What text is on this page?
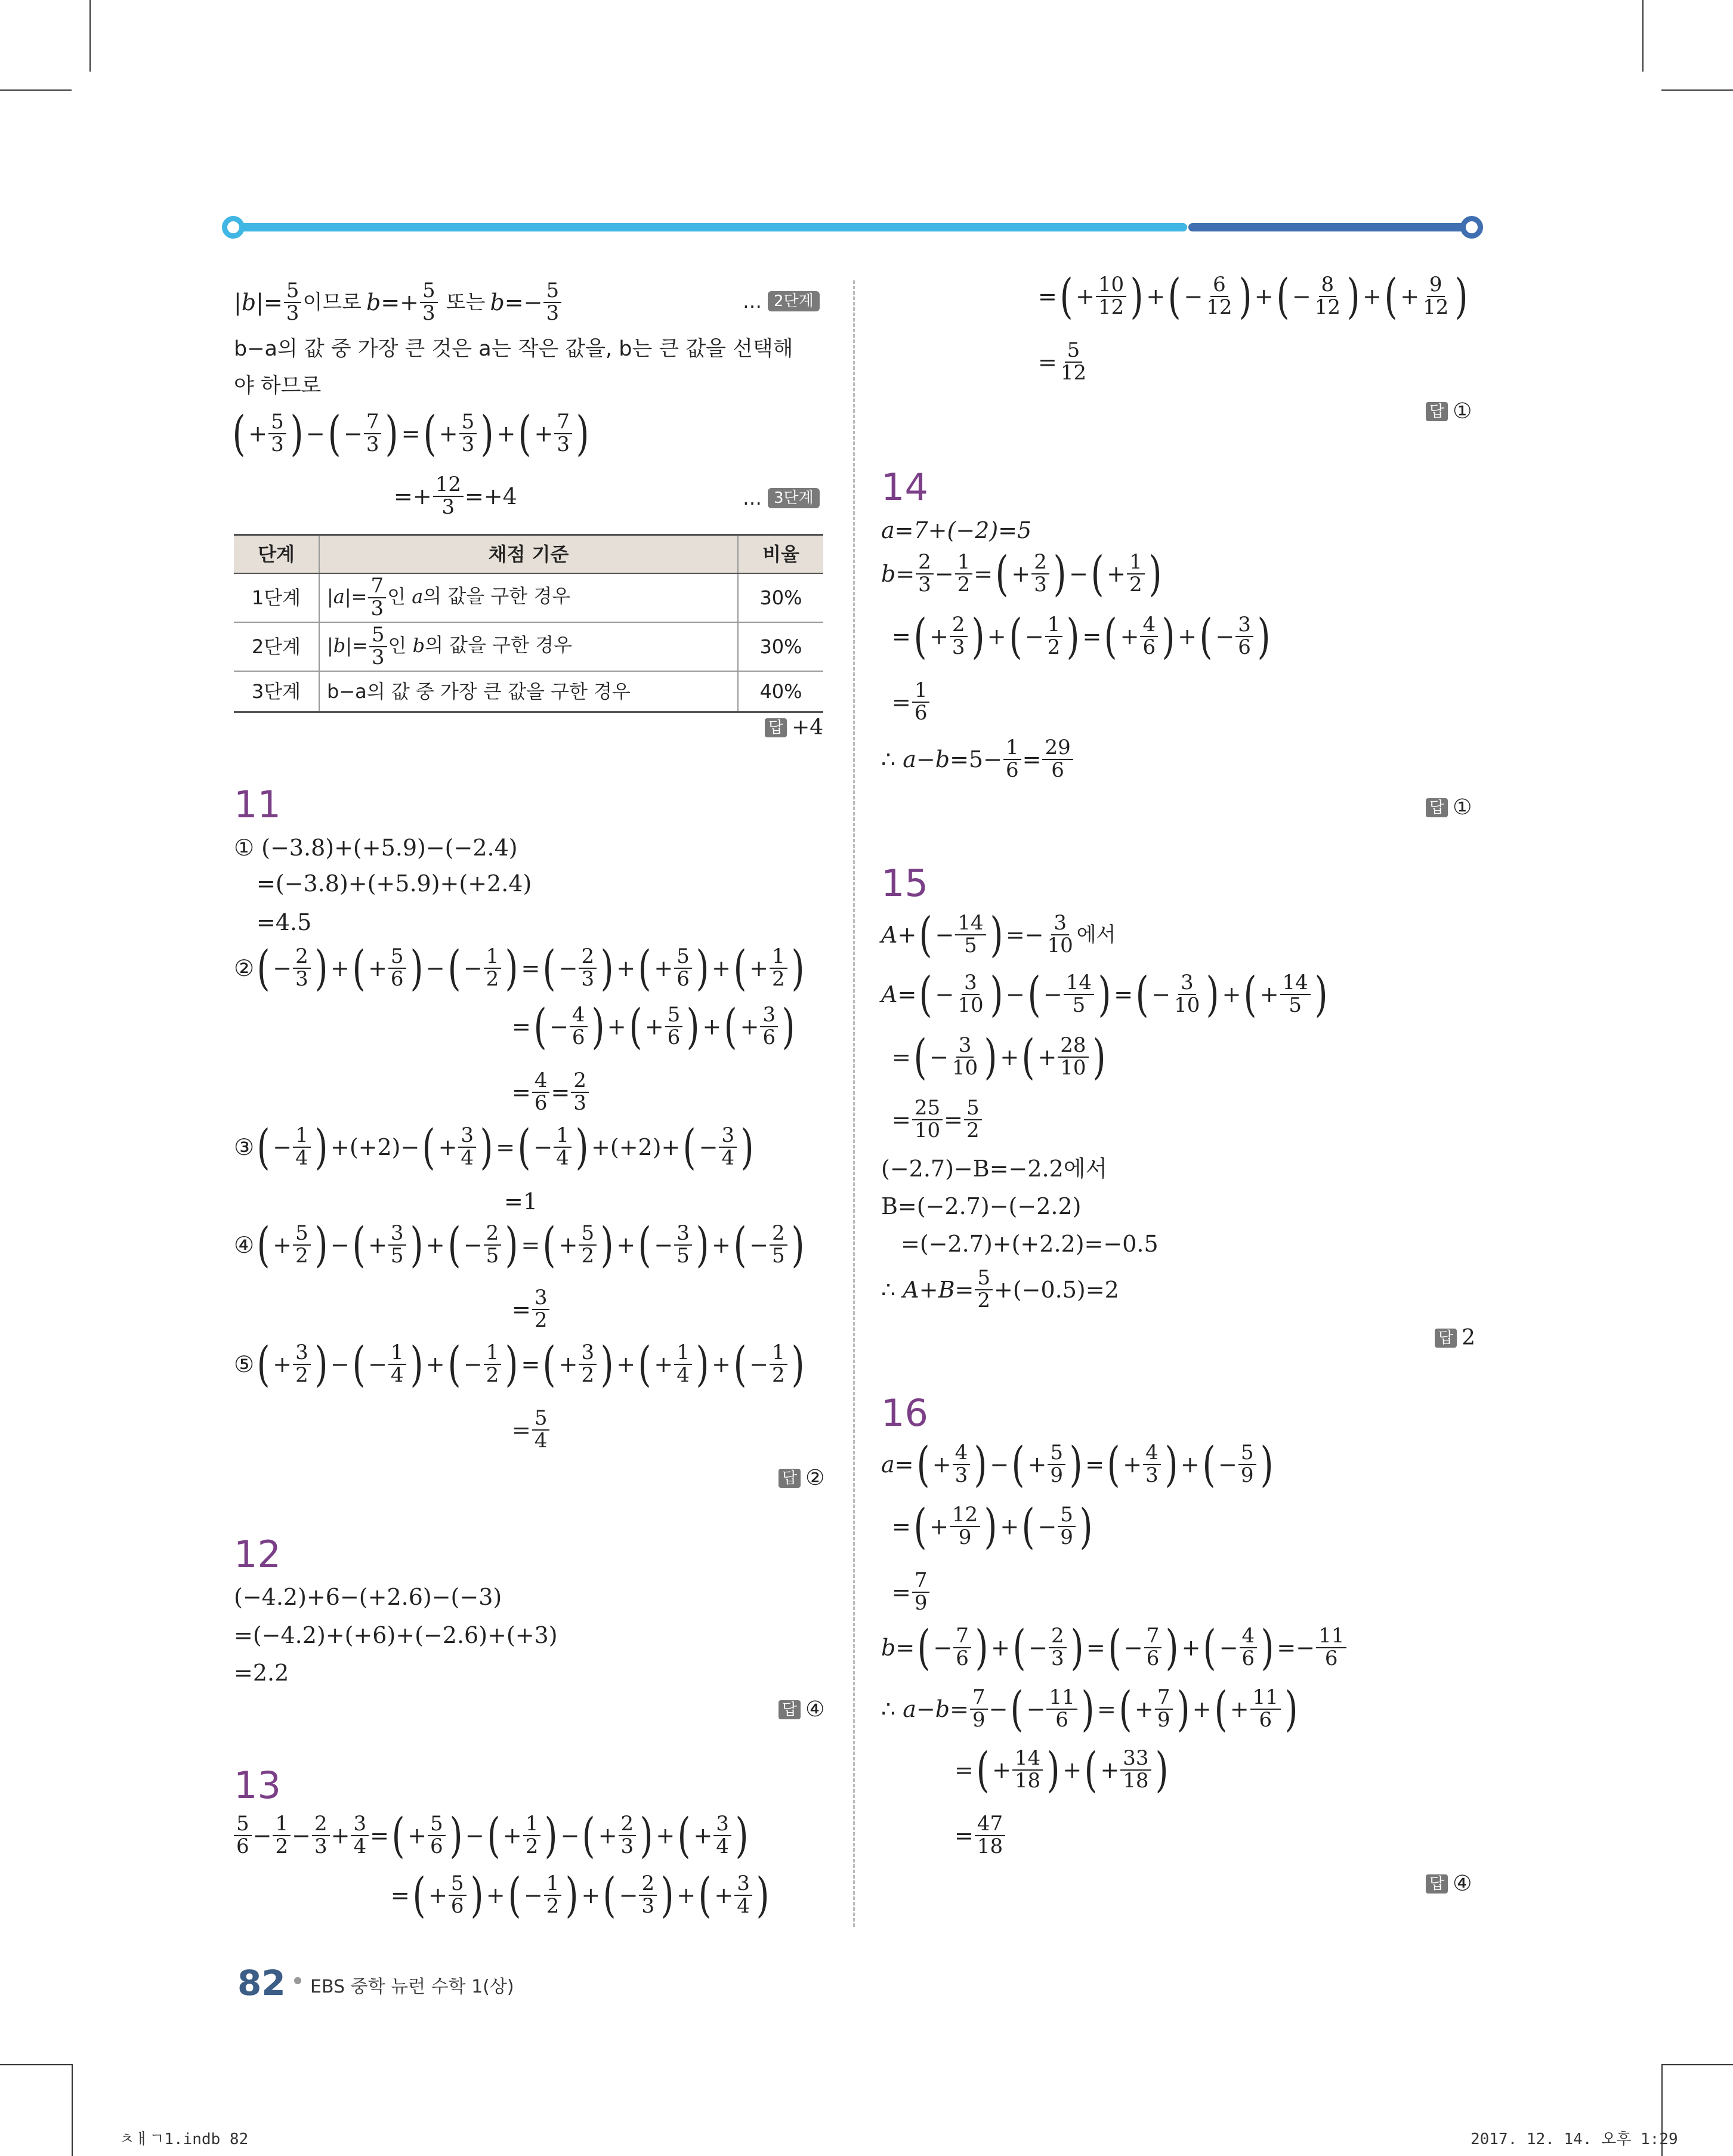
| b |= $\frac{5}{3}$ 이므로 $b =+ \frac{5}{3}$
또는 $b =- \frac{5}{3}$	… 2단계
b−a의 값 중 가장 큰 것은 a는 작은 값을, b는 큰 값을 선택해
야 하므로
( + $\frac{5}{3}$ ) − ( − $\frac{7}{3}$ ) = ( + $\frac{5}{3}$ ) + ( + $\frac{7}{3}$ )
=+ $\frac{12}{3} =+4$	… 3단계
단계	채점 기준	비율
1단계	$|a|= \frac{7}{3}$ 인 a의 값을 구한 경우	30%
2단계	$|b|= \frac{5}{3}$ 인 b의 값을 구한 경우	30%
3단계	b−a의 값 중 가장 큰 값을 구한 경우	40%
답 +4
11
① (−3.8)+(+5.9)−(−2.4)
=(−3.8)+(+5.9)+(+2.4)
=4.5
② ( − $\frac{2}{3}$ ) + ( + $\frac{5}{6}$ ) − ( − $\frac{1}{2}$ ) = ( − $\frac{2}{3}$ ) + ( + $\frac{5}{6}$ ) + ( + $\frac{1}{2}$ )
= ( − $\frac{4}{6}$ ) + ( + $\frac{5}{6}$ ) + ( + $\frac{3}{6}$ )
= $\frac{4}{6} = \frac{2}{3}$
③ ( − $\frac{1}{4}$ ) +(+2)− ( + $\frac{3}{4}$ ) = ( − $\frac{1}{4}$ ) +(+2)+ ( − $\frac{3}{4}$ )
=1
④ ( + $\frac{5}{2}$ ) − ( + $\frac{3}{5}$ ) + ( − $\frac{2}{5}$ ) = ( + $\frac{5}{2}$ ) + ( − $\frac{3}{5}$ ) + ( − $\frac{2}{5}$ )
= $\frac{3}{2}$
⑤ ( + $\frac{3}{2}$ ) − ( − $\frac{1}{4}$ ) + ( − $\frac{1}{2}$ ) = ( + $\frac{3}{2}$ ) + ( + $\frac{1}{4}$ ) + ( − $\frac{1}{2}$ )
= $\frac{5}{4}$
답 ②
12
(−4.2)+6−(+2.6)−(−3)
=(−4.2)+(+6)+(−2.6)+(+3)
=2.2
답 ④
13
$\frac{5}{6} - \frac{1}{2} - \frac{2}{3} + \frac{3}{4}$ = ( + $\frac{5}{6}$ ) − ( + $\frac{1}{2}$ ) − ( + $\frac{2}{3}$ ) + ( + $\frac{3}{4}$ )
= ( + $\frac{5}{6}$ ) + ( − $\frac{1}{2}$ ) + ( − $\frac{2}{3}$ ) + ( + $\frac{3}{4}$ )
= ( + $\frac{10}{12}$ ) + ( − $\frac{6}{12}$ ) + ( − $\frac{8}{12}$ ) + ( + $\frac{9}{12}$ )
= $\frac{5}{12}$
답 ①
14
a=7+(−2)=5
$b = \frac{2}{3} - \frac{1}{2}$ = ( + $\frac{2}{3}$ ) − ( + $\frac{1}{2}$ )
= ( + $\frac{2}{3}$ ) + ( − $\frac{1}{2}$ ) = ( + $\frac{4}{6}$ ) + ( − $\frac{3}{6}$ )
= $\frac{1}{6}$
∴ $a - b =5- \frac{1}{6} = \frac{29}{6}$
답 ①
15
A + ( − $\frac{14}{5}$ ) =− $\frac{3}{10}$ 에서
A = ( − $\frac{3}{10}$ ) − ( − $\frac{14}{5}$ ) = ( − $\frac{3}{10}$ ) + ( + $\frac{14}{5}$ )
= ( − $\frac{3}{10}$ ) + ( + $\frac{28}{10}$ )
= $\frac{25}{10} = \frac{5}{2}$
(−2.7)−B=−2.2에서
B=(−2.7)−(−2.2)
=(−2.7)+(+2.2)=−0.5
∴ $A + B = \frac{5}{2} +(-0.5)=2$
답 2
16
a = ( + $\frac{4}{3}$ ) − ( + $\frac{5}{9}$ ) = ( + $\frac{4}{3}$ ) + ( − $\frac{5}{9}$ )
= ( + $\frac{12}{9}$ ) + ( − $\frac{5}{9}$ )
= $\frac{7}{9}$
b = ( − $\frac{7}{6}$ ) + ( − $\frac{2}{3}$ ) = ( − $\frac{7}{6}$ ) + ( − $\frac{4}{6}$ ) =− $\frac{11}{6}$
∴ $a - b = \frac{7}{9}$ − ( − $\frac{11}{6}$ ) = ( + $\frac{7}{9}$ ) + ( + $\frac{11}{6}$ )
= ( + $\frac{14}{18}$ ) + ( + $\frac{33}{18}$ )
= $\frac{47}{18}$
답 ④
82 EBS 중학 뉴런 수학 1(상)
ㅊㅐㄱ1.indb 82	2017. 12. 14. 오후 1:29
